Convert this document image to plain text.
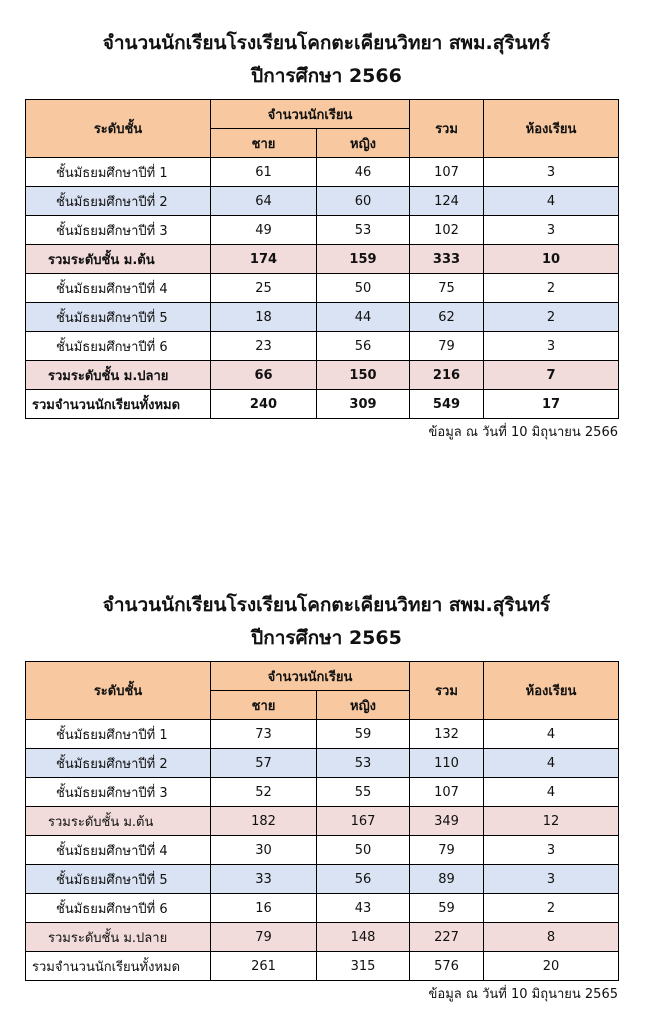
จำนวนนักเรียนโรงเรียนโคกตะเคียนวิทยา สพม.สุรินทร์
ปีการศึกษา 2566
ระดับชั้น	จำนวนนักเรียน		รวม	ห้องเรียน
	ชาย	หญิง		
ชั้นมัธยมศึกษาปีที่ 1	61	46	107	3
ชั้นมัธยมศึกษาปีที่ 2	64	60	124	4
ชั้นมัธยมศึกษาปีที่ 3	49	53	102	3
รวมระดับชั้น ม.ต้น	174	159	333	10
ชั้นมัธยมศึกษาปีที่ 4	25	50	75	2
ชั้นมัธยมศึกษาปีที่ 5	18	44	62	2
ชั้นมัธยมศึกษาปีที่ 6	23	56	79	3
รวมระดับชั้น ม.ปลาย	66	150	216	7
รวมจำนวนนักเรียนทั้งหมด	240	309	549	17
ข้อมูล ณ วันที่ 10 มิถุนายน 2566
จำนวนนักเรียนโรงเรียนโคกตะเคียนวิทยา สพม.สุรินทร์
ปีการศึกษา 2565
ระดับชั้น	จำนวนนักเรียน		รวม	ห้องเรียน
	ชาย	หญิง		
ชั้นมัธยมศึกษาปีที่ 1	73	59	132	4
ชั้นมัธยมศึกษาปีที่ 2	57	53	110	4
ชั้นมัธยมศึกษาปีที่ 3	52	55	107	4
รวมระดับชั้น ม.ต้น	182	167	349	12
ชั้นมัธยมศึกษาปีที่ 4	30	50	79	3
ชั้นมัธยมศึกษาปีที่ 5	33	56	89	3
ชั้นมัธยมศึกษาปีที่ 6	16	43	59	2
รวมระดับชั้น ม.ปลาย	79	148	227	8
รวมจำนวนนักเรียนทั้งหมด	261	315	576	20
ข้อมูล ณ วันที่ 10 มิถุนายน 2565
